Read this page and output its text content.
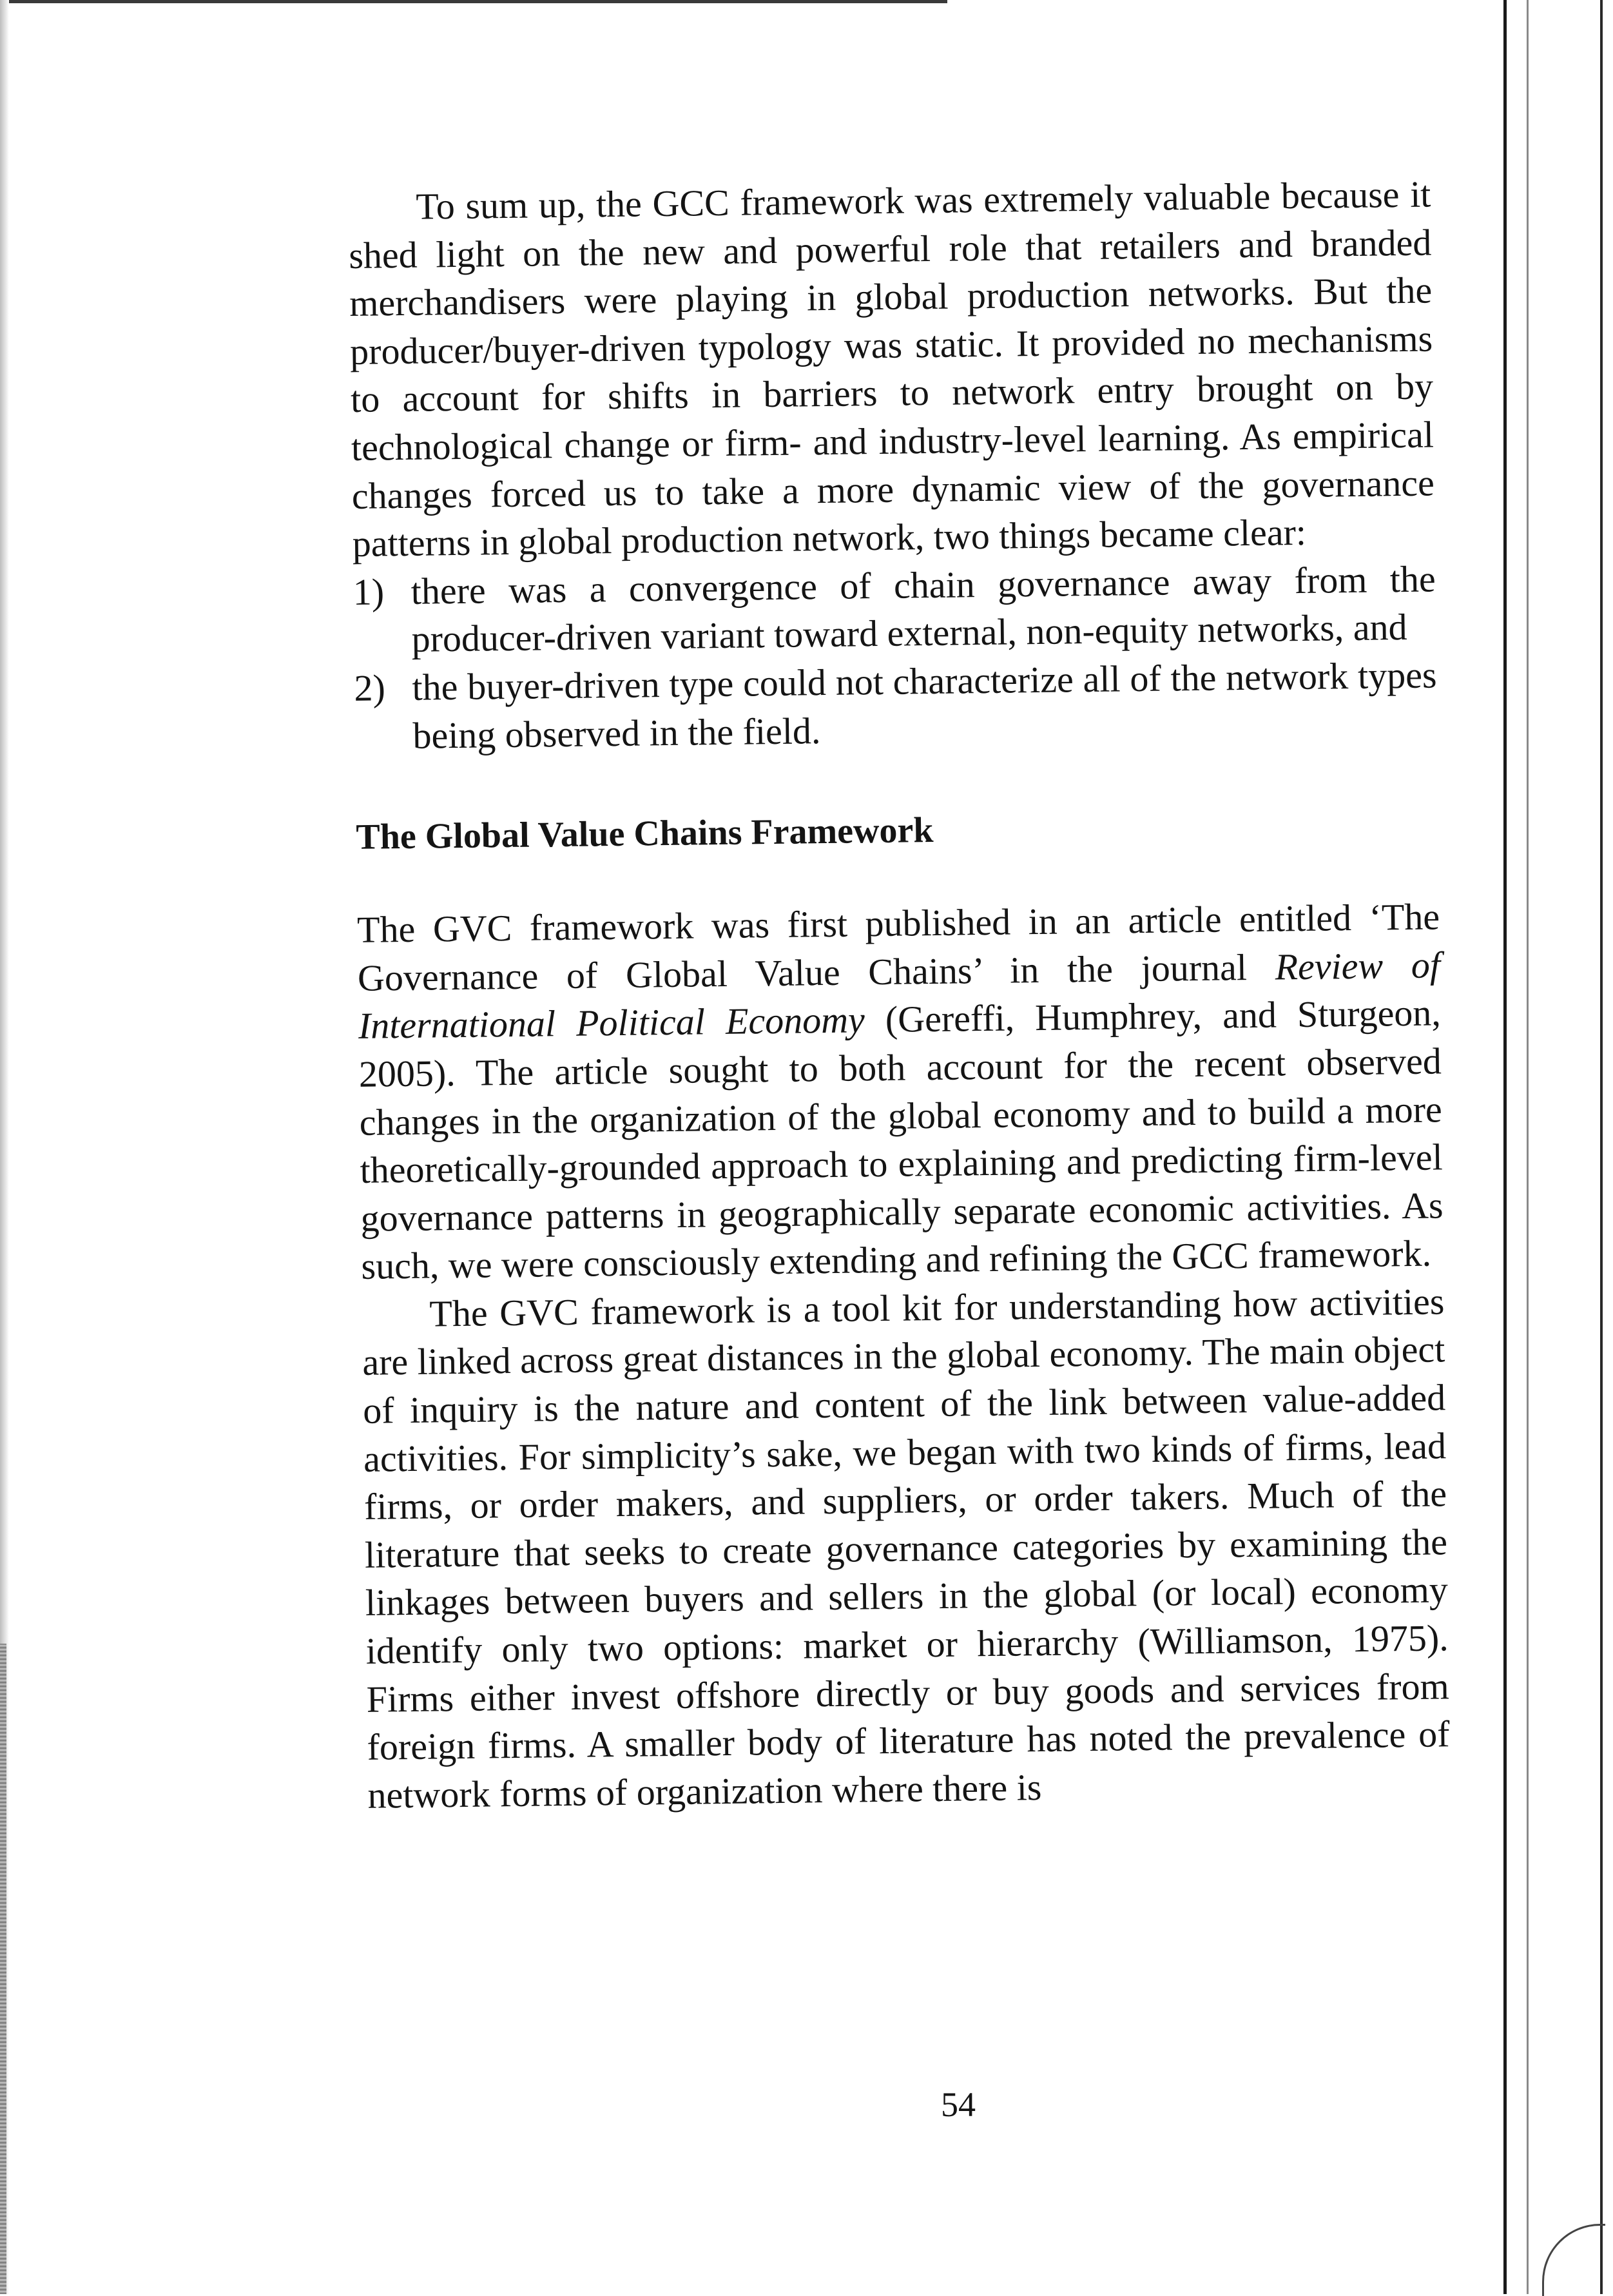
To sum up, the GCC framework was extremely valuable because it shed light on the new and powerful role that retailers and branded merchandisers were playing in global production networks. But the producer/buyer-driven typology was static. It provided no mechanisms to account for shifts in barriers to network entry brought on by technological change or firm- and industry-level learning. As empirical changes forced us to take a more dynamic view of the governance patterns in global production network, two things became clear:

1) there was a convergence of chain governance away from the producer-driven variant toward external, non-equity networks, and
2) the buyer-driven type could not characterize all of the network types being observed in the field.
The Global Value Chains Framework

The GVC framework was first published in an article entitled ‘The Governance of Global Value Chains’ in the journal Review of International Political Economy (Gereffi, Humphrey, and Sturgeon, 2005). The article sought to both account for the recent observed changes in the organization of the global economy and to build a more theoretically-grounded approach to explaining and predicting firm-level governance patterns in geographically separate economic activities. As such, we were consciously extending and refining the GCC framework.

The GVC framework is a tool kit for understanding how activities are linked across great distances in the global economy. The main object of inquiry is the nature and content of the link between value-added activities. For simplicity’s sake, we began with two kinds of firms, lead firms, or order makers, and suppliers, or order takers. Much of the literature that seeks to create governance categories by examining the linkages between buyers and sellers in the global (or local) economy identify only two options: market or hierarchy (Williamson, 1975). Firms either invest offshore directly or buy goods and services from foreign firms. A smaller body of literature has noted the prevalence of network forms of organization where there is

54
